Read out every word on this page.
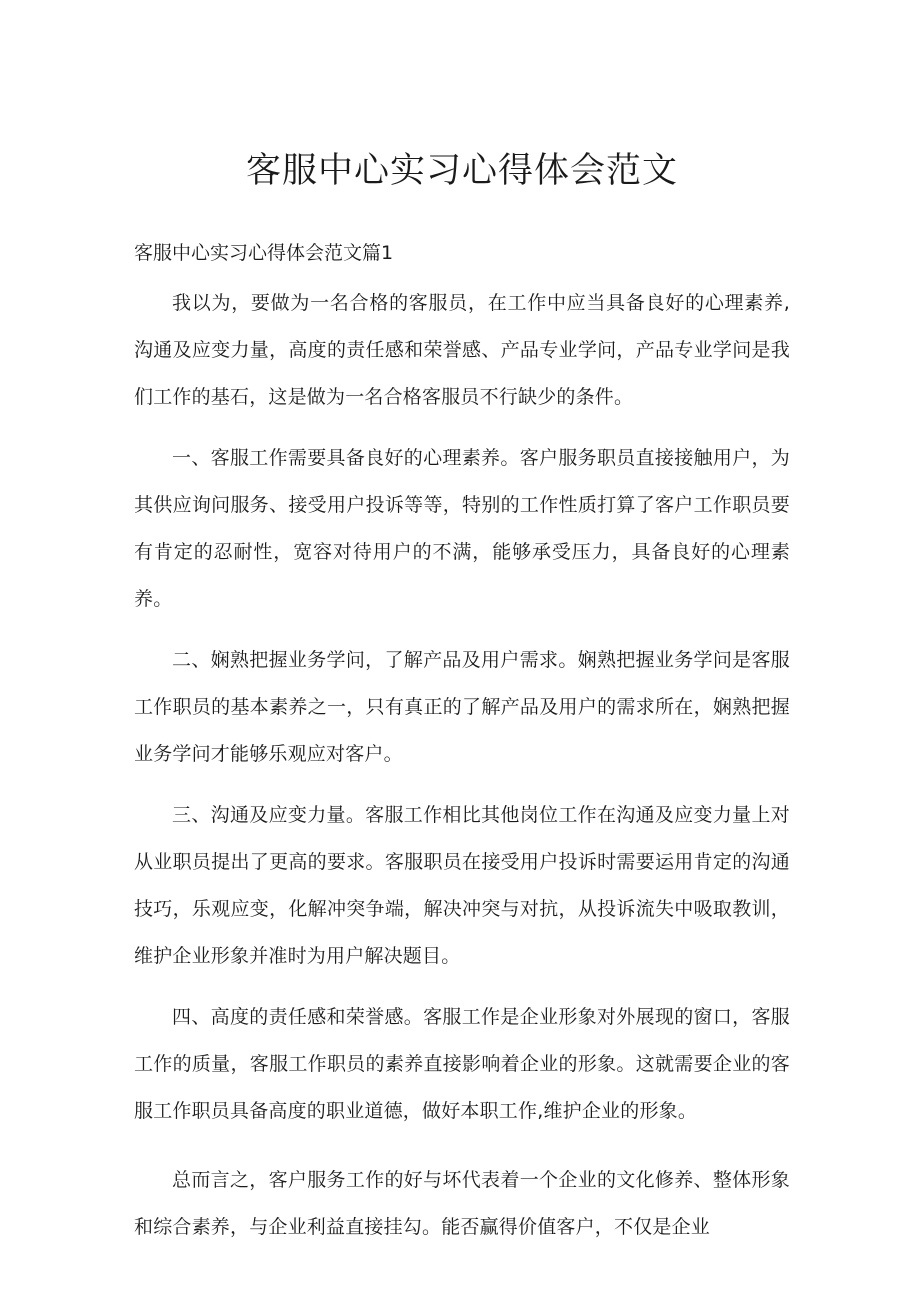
客服中心实习心得体会范文
客服中心实习心得体会范文篇1

我以为，要做为一名合格的客服员，在工作中应当具备良好的心理素养,沟通及应变力量，高度的责任感和荣誉感、产品专业学问，产品专业学问是我们工作的基石，这是做为一名合格客服员不行缺少的条件。

一、客服工作需要具备良好的心理素养。客户服务职员直接接触用户，为其供应询问服务、接受用户投诉等等，特别的工作性质打算了客户工作职员要有肯定的忍耐性，宽容对待用户的不满，能够承受压力，具备良好的心理素养。

二、娴熟把握业务学问，了解产品及用户需求。娴熟把握业务学问是客服工作职员的基本素养之一，只有真正的了解产品及用户的需求所在，娴熟把握业务学问才能够乐观应对客户。

三、沟通及应变力量。客服工作相比其他岗位工作在沟通及应变力量上对从业职员提出了更高的要求。客服职员在接受用户投诉时需要运用肯定的沟通技巧，乐观应变，化解冲突争端，解决冲突与对抗，从投诉流失中吸取教训，维护企业形象并准时为用户解决题目。

四、高度的责任感和荣誉感。客服工作是企业形象对外展现的窗口，客服工作的质量，客服工作职员的素养直接影响着企业的形象。这就需要企业的客服工作职员具备高度的职业道德，做好本职工作,维护企业的形象。

总而言之，客户服务工作的好与坏代表着一个企业的文化修养、整体形象和综合素养，与企业利益直接挂勾。能否赢得价值客户，不仅是企业
